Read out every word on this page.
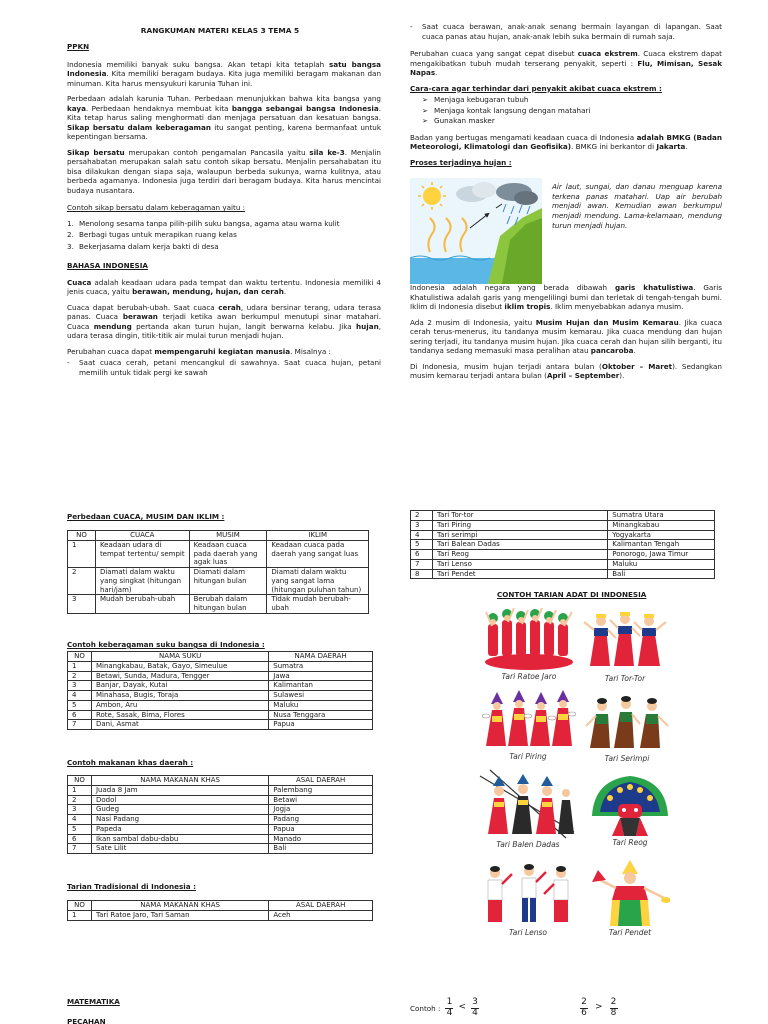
RANGKUMAN MATERI KELAS 3 TEMA 5
PPKN

Indonesia memiliki banyak suku bangsa. Akan tetapi kita tetaplah satu bangsa Indonesia. Kita memiliki beragam budaya. Kita juga memiliki beragam makanan dan minuman. Kita harus mensyukuri karunia Tuhan ini.

Perbedaan adalah karunia Tuhan. Perbedaan menunjukkan bahwa kita bangsa yang kaya. Perbedaan hendaknya membuat kita bangga sebangai bangsa Indonesia. Kita tetap harus saling menghormati dan menjaga persatuan dan kesatuan bangsa. Sikap bersatu dalam keberagaman itu sangat penting, karena bermanfaat untuk kepentingan bersama.

Sikap bersatu merupakan contoh pengamalan Pancasila yaitu sila ke-3. Menjalin persahabatan merupakan salah satu contoh sikap bersatu. Menjalin persahabatan itu bisa dilakukan dengan siapa saja, walaupun berbeda sukunya, warna kulitnya, atau berbeda agamanya. Indonesia juga terdiri dari beragam budaya. Kita harus mencintai budaya nusantara.

Contoh sikap bersatu dalam keberagaman yaitu :
1. Menolong sesama tanpa pilih-pilih suku bangsa, agama atau warna kulit
2. Berbagi tugas untuk merapikan ruang kelas
3. Bekerjasama dalam kerja bakti di desa
BAHASA INDONESIA

Cuaca adalah keadaan udara pada tempat dan waktu tertentu. Indonesia memiliki 4 jenis cuaca, yaitu berawan, mendung, hujan, dan cerah.

Cuaca dapat berubah-ubah. Saat cuaca cerah, udara bersinar terang, udara terasa panas. Cuaca berawan terjadi ketika awan berkumpul menutupi sinar matahari. Cuaca mendung pertanda akan turun hujan, langit berwarna kelabu. Jika hujan, udara terasa dingin, titik-titik air mulai turun menjadi hujan.

Perubahan cuaca dapat mempengaruhi kegiatan manusia. Misalnya :

-	Saat cuaca cerah, petani mencangkul di sawahnya. Saat cuaca hujan, petani memilih untuk tidak pergi ke sawah
-	Saat cuaca berawan, anak-anak senang bermain layangan di lapangan. Saat cuaca panas atau hujan, anak-anak lebih suka bermain di rumah saja.

Perubahan cuaca yang sangat cepat disebut cuaca ekstrem. Cuaca ekstrem dapat mengakibatkan tubuh mudah terserang penyakit, seperti : Flu, Mimisan, Sesak Napas.

Cara-cara agar terhindar dari penyakit akibat cuaca ekstrem :
➢ Menjaga kebugaran tubuh
➢ Menjaga kontak langsung dengan matahari
➢ Gunakan masker

Badan yang bertugas mengamati keadaan cuaca di Indonesia adalah BMKG (Badan Meteorologi, Klimatologi dan Geofisika). BMKG ini berkantor di Jakarta.

Proses terjadinya hujan :
Air laut, sungai, dan danau menguap karena terkena panas matahari. Uap air berubah menjadi awan. Kemudian awan berkumpul menjadi mendung. Lama-kelamaan, mendung turun menjadi hujan.

Indonesia adalah negara yang berada dibawah garis khatulistiwa. Garis Khatulistiwa adalah garis yang mengelilingi bumi dan terletak di tengah-tengah bumi. Iklim di Indonesia disebut iklim tropis. Iklim menyebabkan adanya musim.

Ada 2 musim di Indonesia, yaitu Musim Hujan dan Musim Kemarau. Jika cuaca cerah terus-menerus, itu tandanya musim kemarau. Jika cuaca mendung dan hujan sering terjadi, itu tandanya musim hujan. Jika cuaca cerah dan hujan silih berganti, itu tandanya sedang memasuki masa peralihan atau pancaroba.

Di Indonesia, musim hujan terjadi antara bulan (Oktober – Maret). Sedangkan musim kemarau terjadi antara bulan (April – September).

Perbedaan CUACA, MUSIM DAN IKLIM :
NO	CUACA	MUSIM	IKLIM
1	Keadaan udara di tempat tertentu/ sempit	Keadaan cuaca pada daerah yang agak luas	Keadaan cuaca pada daerah yang sangat luas
2	Diamati dalam waktu yang singkat (hitungan hari/jam)	Diamati dalam hitungan bulan	Diamati dalam waktu yang sangat lama (hitungan puluhan tahun)
3	Mudah berubah-ubah	Berubah dalam hitungan bulan	Tidak mudah berubah-ubah
Contoh keberagaman suku bangsa di Indonesia :
NO	NAMA SUKU	NAMA DAERAH
1	Minangkabau, Batak, Gayo, Simeulue	Sumatra
2	Betawi, Sunda, Madura, Tengger	Jawa
3	Banjar, Dayak, Kutai	Kalimantan
4	Minahasa, Bugis, Toraja	Sulawesi
5	Ambon, Aru	Maluku
6	Rote, Sasak, Bima, Flores	Nusa Tenggara
7	Dani, Asmat	Papua
Contoh makanan khas daerah :
NO	NAMA MAKANAN KHAS	ASAL DAERAH
1	Juada 8 Jam	Palembang
2	Dodol	Betawi
3	Gudeg	Jogja
4	Nasi Padang	Padang
5	Papeda	Papua
6	Ikan sambal dabu-dabu	Manado
7	Sate Lilit	Bali
Tarian Tradisional di Indonesia :
NO	NAMA MAKANAN KHAS	ASAL DAERAH
1	Tari Ratoe Jaro, Tari Saman	Aceh
2	Tari Tor-tor	Sumatra Utara
3	Tari Piring	Minangkabau
4	Tari serimpi	Yogyakarta
5	Tari Balean Dadas	Kalimantan Tengah
6	Tari Reog	Ponorogo, Jawa Timur
7	Tari Lenso	Maluku
8	Tari Pendet	Bali
CONTOH TARIAN ADAT DI INDONESIA
Tari Ratoe Jaro	Tari Tor-Tor
Tari Piring	Tari Serimpi
Tari Balen Dadas	Tari Reog
Tari Lenso	Tari Pendet
MATEMATIKA
PECAHAN
Contoh : $\frac{1}{4} < \frac{3}{4}$	$\frac{2}{6} > \frac{2}{8}$
